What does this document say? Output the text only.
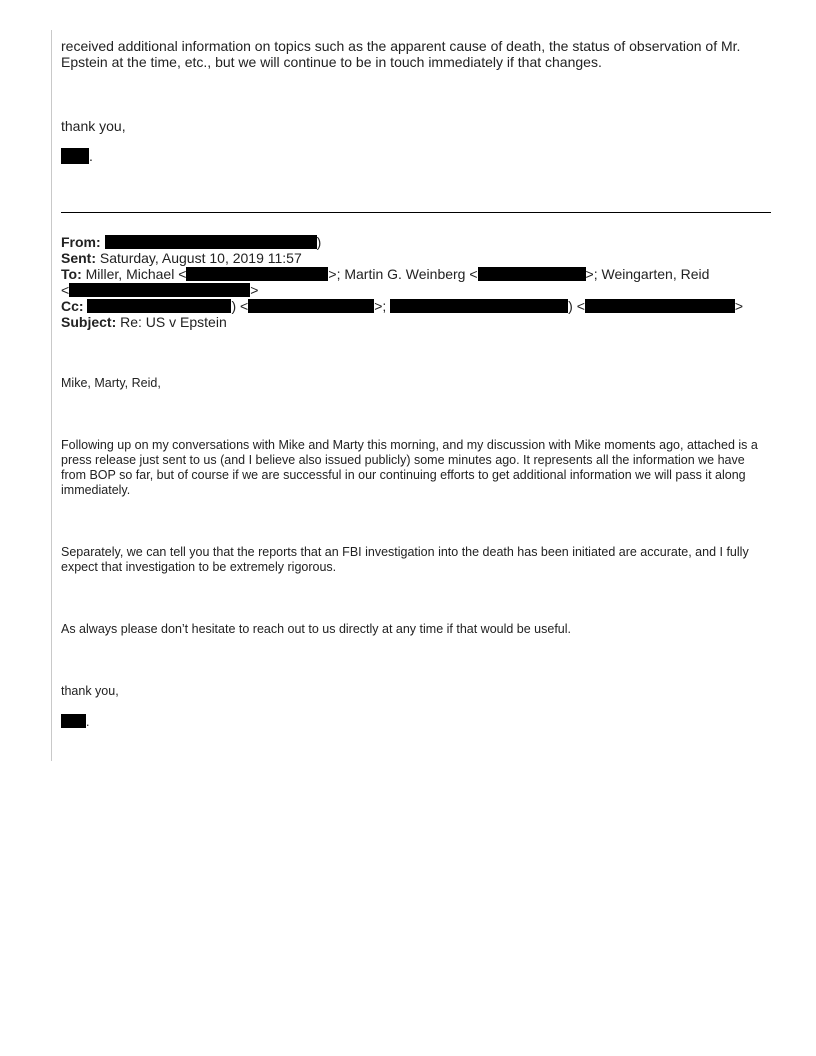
received additional information on topics such as the apparent cause of death, the status of observation of Mr. Epstein at the time, etc., but we will continue to be in touch immediately if that changes.

thank you,

.

From:	)
Sent: Saturday, August 10, 2019 11:57
To: Miller, Michael <	>; Martin G. Weinberg <	>; Weingarten, Reid
<	>
Cc:	) <	>;	) <	>
Subject: Re: US v Epstein

Mike, Marty, Reid,

Following up on my conversations with Mike and Marty this morning, and my discussion with Mike moments ago, attached is a press release just sent to us (and I believe also issued publicly) some minutes ago. It represents all the information we have from BOP so far, but of course if we are successful in our continuing efforts to get additional information we will pass it along immediately.

Separately, we can tell you that the reports that an FBI investigation into the death has been initiated are accurate, and I fully expect that investigation to be extremely rigorous.

As always please don’t hesitate to reach out to us directly at any time if that would be useful.

thank you,

.
